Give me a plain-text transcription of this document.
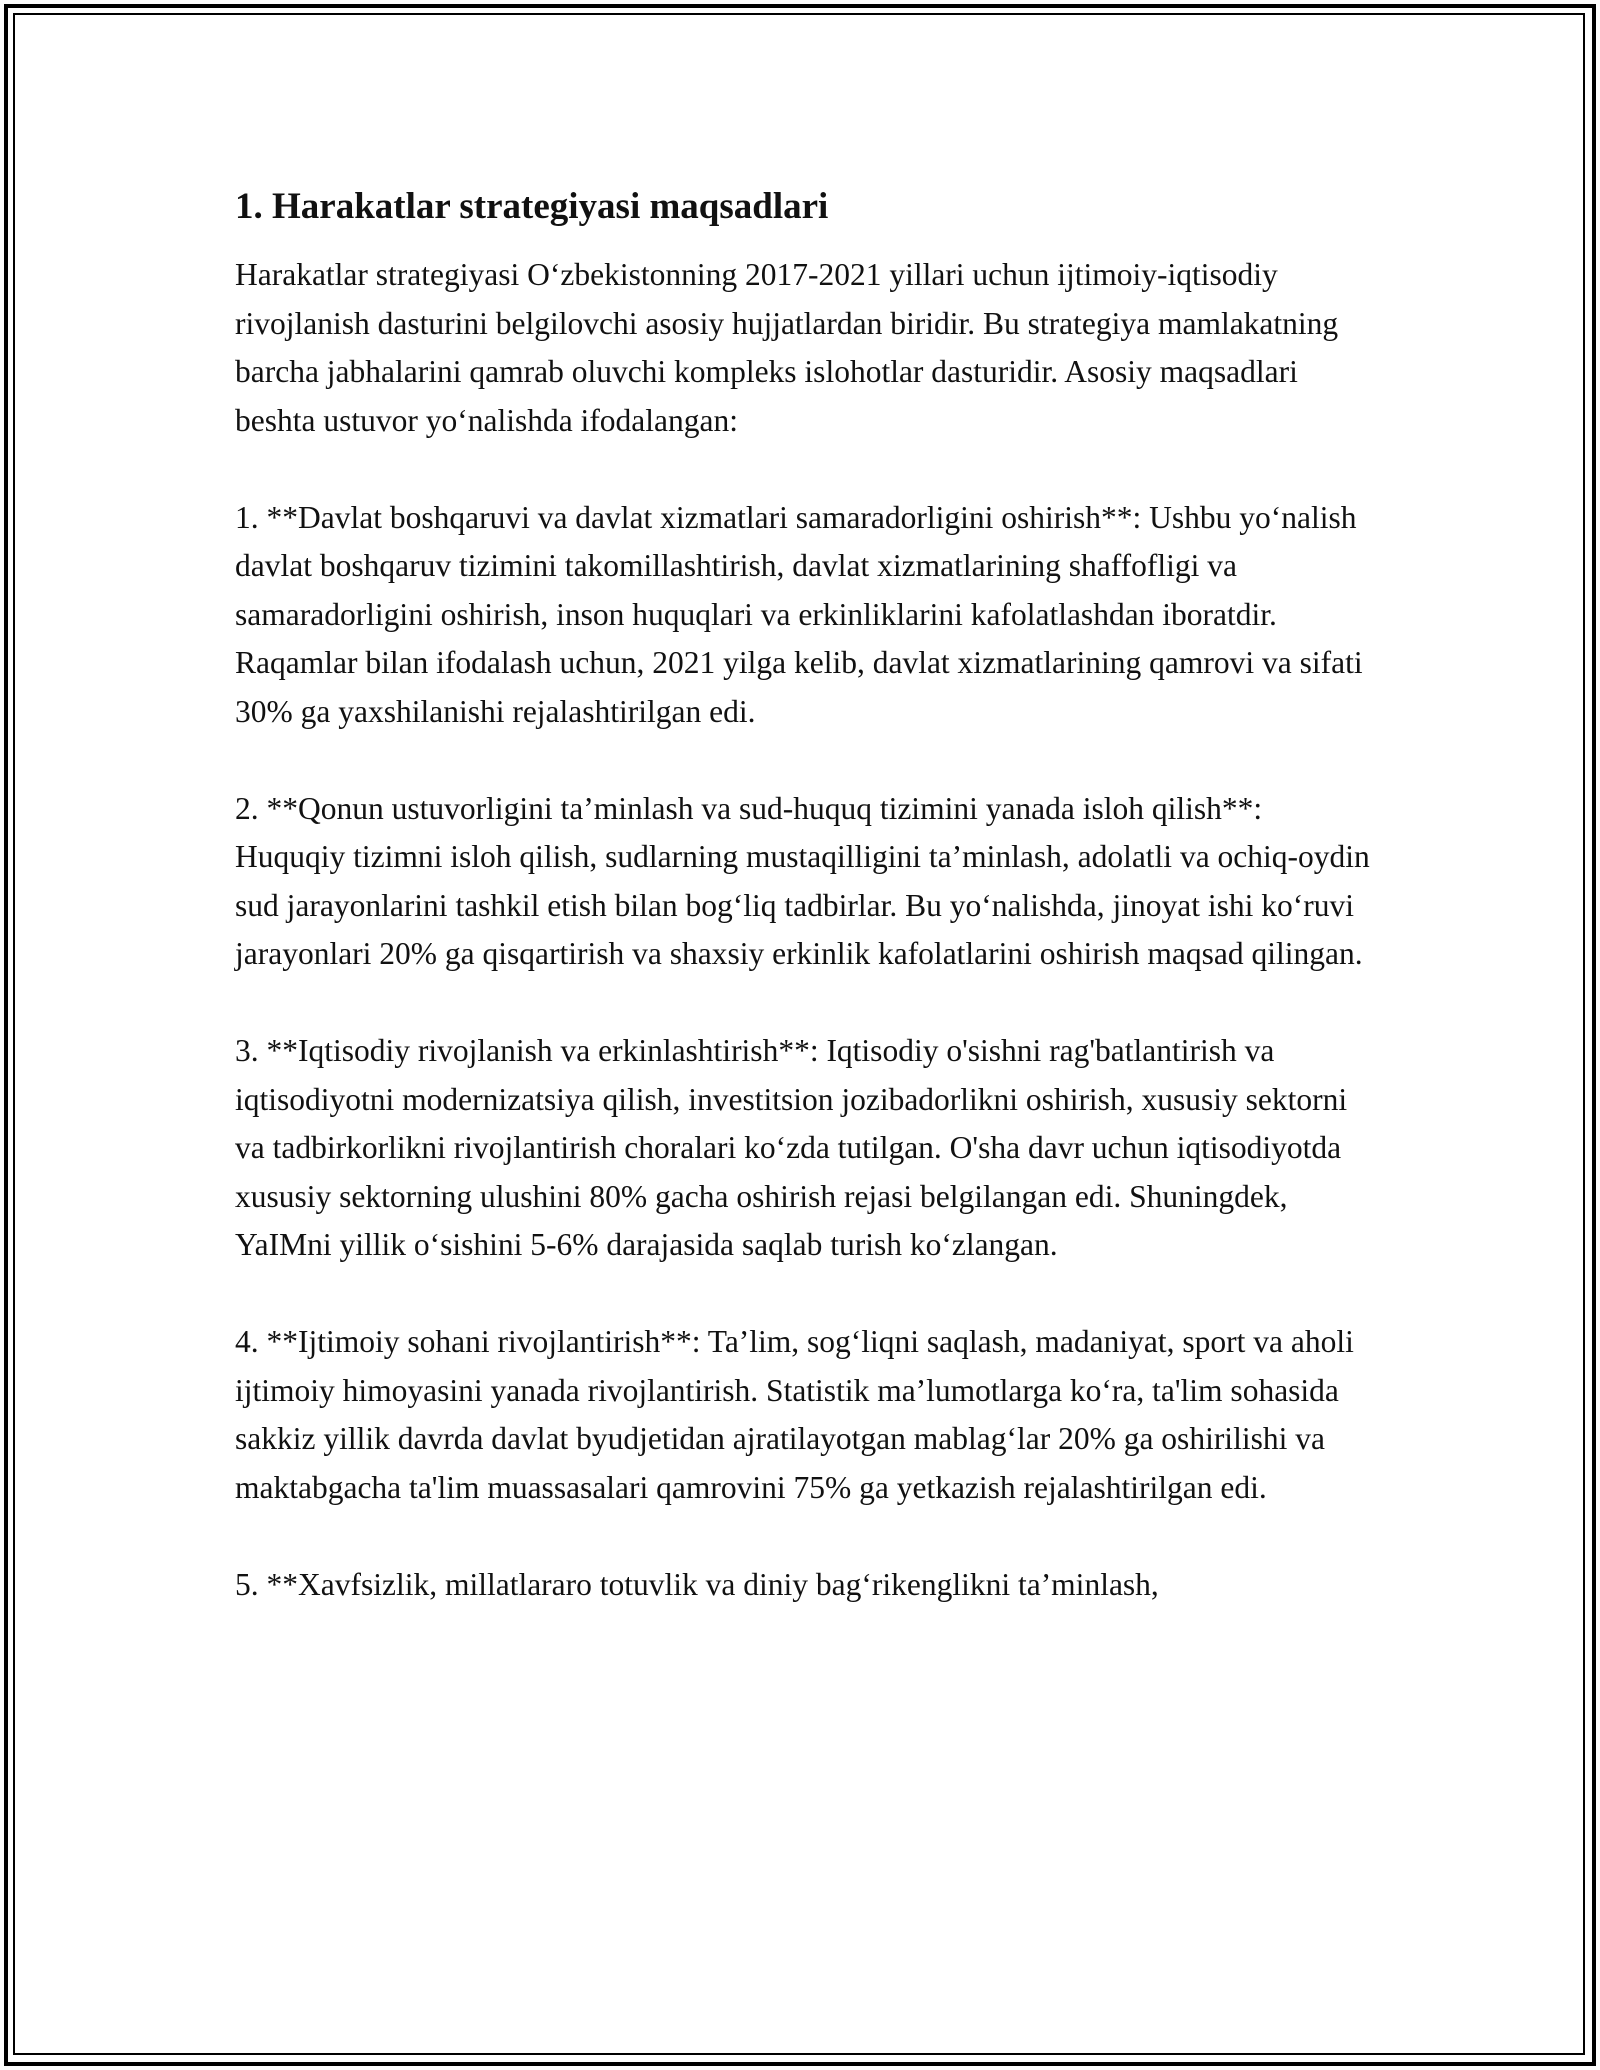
1. Harakatlar strategiyasi maqsadlari

Harakatlar strategiyasi O‘zbekistonning 2017-2021 yillari uchun ijtimoiy-iqtisodiy rivojlanish dasturini belgilovchi asosiy hujjatlardan biridir. Bu strategiya mamlakatning barcha jabhalarini qamrab oluvchi kompleks islohotlar dasturidir. Asosiy maqsadlari beshta ustuvor yo‘nalishda ifodalangan:

1. **Davlat boshqaruvi va davlat xizmatlari samaradorligini oshirish**: Ushbu yo‘nalish davlat boshqaruv tizimini takomillashtirish, davlat xizmatlarining shaffofligi va samaradorligini oshirish, inson huquqlari va erkinliklarini kafolatlashdan iboratdir. Raqamlar bilan ifodalash uchun, 2021 yilga kelib, davlat xizmatlarining qamrovi va sifati 30% ga yaxshilanishi rejalashtirilgan edi.

2. **Qonun ustuvorligini ta’minlash va sud-huquq tizimini yanada isloh qilish**: Huquqiy tizimni isloh qilish, sudlarning mustaqilligini ta’minlash, adolatli va ochiq-oydin sud jarayonlarini tashkil etish bilan bog‘liq tadbirlar. Bu yo‘nalishda, jinoyat ishi ko‘ruvi jarayonlari 20% ga qisqartirish va shaxsiy erkinlik kafolatlarini oshirish maqsad qilingan.

3. **Iqtisodiy rivojlanish va erkinlashtirish**: Iqtisodiy o'sishni rag'batlantirish va iqtisodiyotni modernizatsiya qilish, investitsion jozibadorlikni oshirish, xususiy sektorni va tadbirkorlikni rivojlantirish choralari ko‘zda tutilgan. O'sha davr uchun iqtisodiyotda xususiy sektorning ulushini 80% gacha oshirish rejasi belgilangan edi. Shuningdek, YaIMni yillik o‘sishini 5-6% darajasida saqlab turish ko‘zlangan.

4. **Ijtimoiy sohani rivojlantirish**: Ta’lim, sog‘liqni saqlash, madaniyat, sport va aholi ijtimoiy himoyasini yanada rivojlantirish. Statistik ma’lumotlarga ko‘ra, ta'lim sohasida sakkiz yillik davrda davlat byudjetidan ajratilayotgan mablag‘lar 20% ga oshirilishi va maktabgacha ta'lim muassasalari qamrovini 75% ga yetkazish rejalashtirilgan edi.

5. **Xavfsizlik, millatlararo totuvlik va diniy bag‘rikenglikni ta’minlash,
